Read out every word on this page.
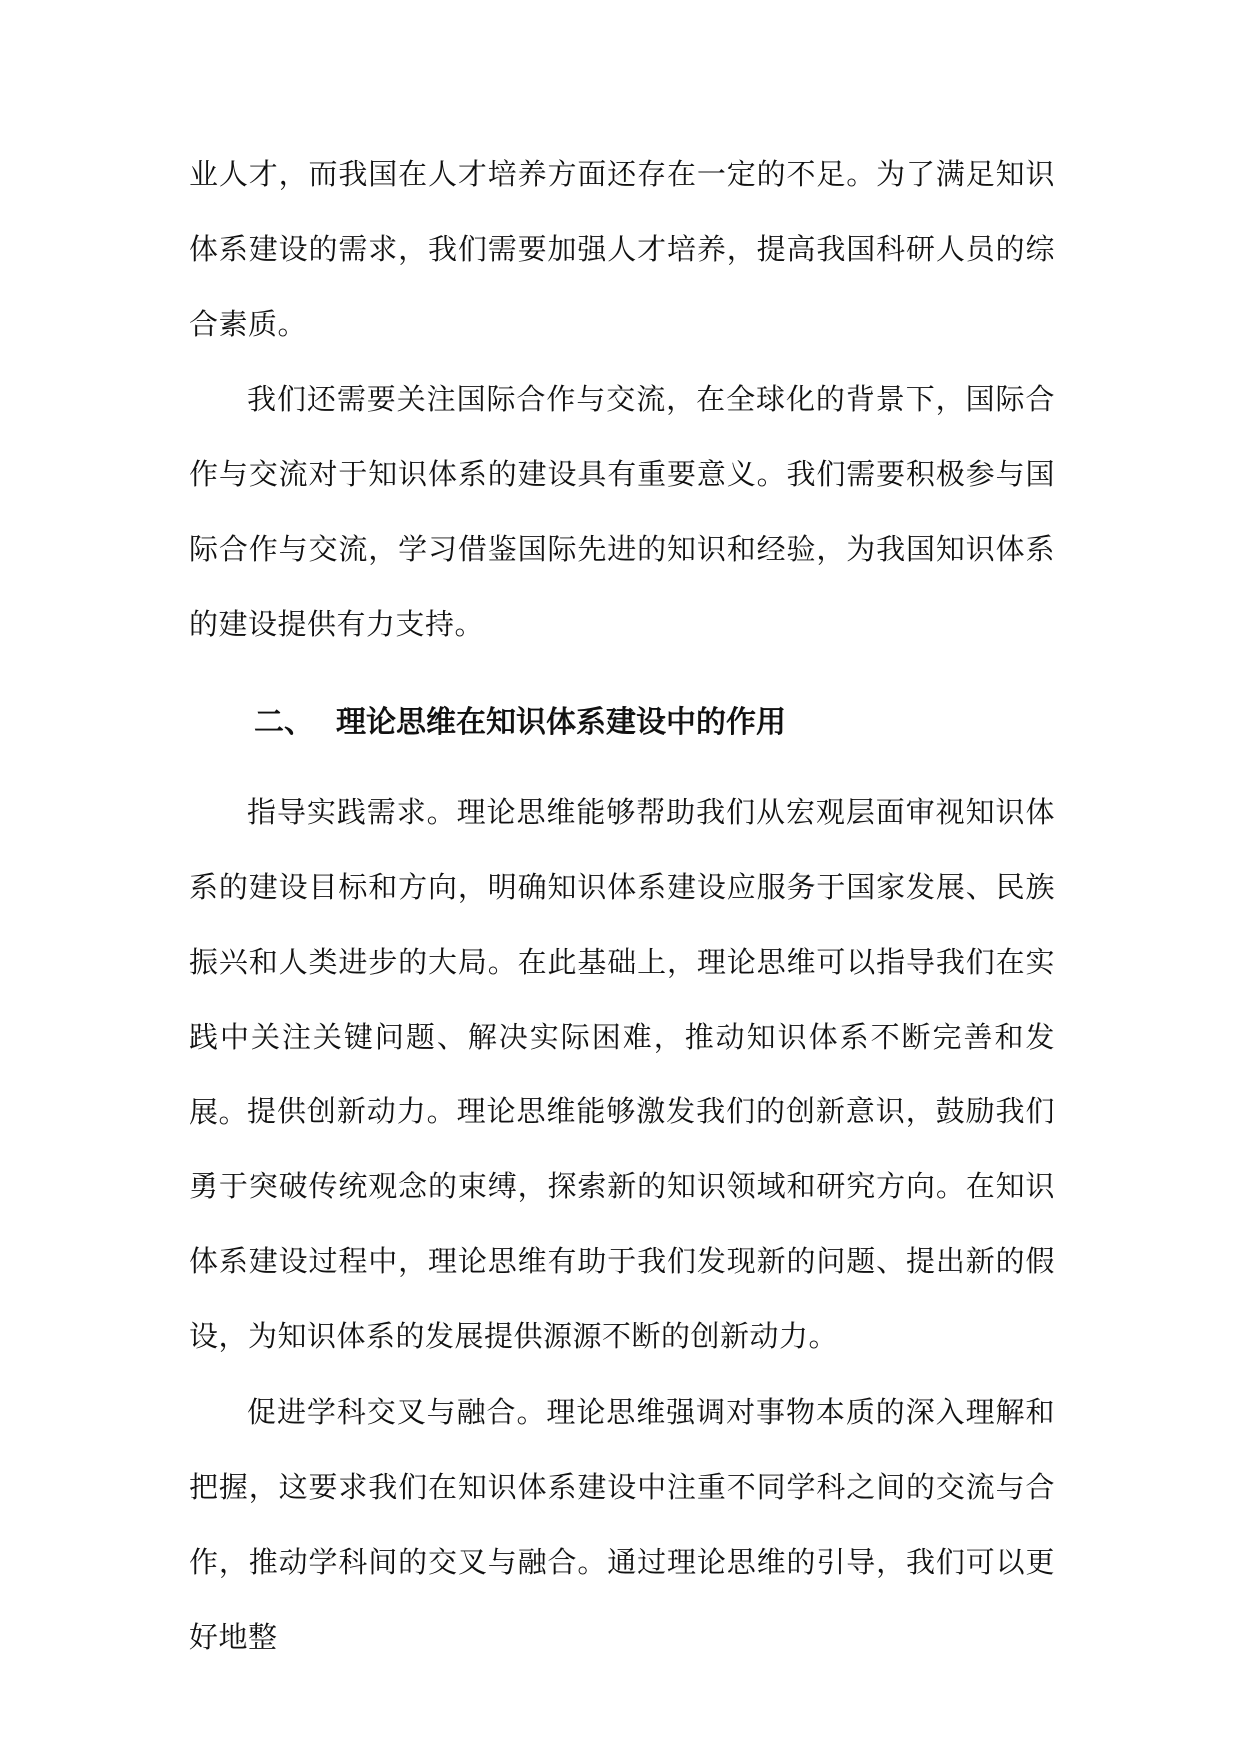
业人才，而我国在人才培养方面还存在一定的不足。为了满足知识体系建设的需求，我们需要加强人才培养，提高我国科研人员的综合素质。

我们还需要关注国际合作与交流，在全球化的背景下，国际合作与交流对于知识体系的建设具有重要意义。我们需要积极参与国际合作与交流，学习借鉴国际先进的知识和经验，为我国知识体系的建设提供有力支持。

二、 理论思维在知识体系建设中的作用

指导实践需求。理论思维能够帮助我们从宏观层面审视知识体系的建设目标和方向，明确知识体系建设应服务于国家发展、民族振兴和人类进步的大局。在此基础上，理论思维可以指导我们在实践中关注关键问题、解决实际困难，推动知识体系不断完善和发展。

提供创新动力。理论思维能够激发我们的创新意识，鼓励我们勇于突破传统观念的束缚，探索新的知识领域和研究方向。在知识体系建设过程中，理论思维有助于我们发现新的问题、提出新的假设，为知识体系的发展提供源源不断的创新动力。

促进学科交叉与融合。理论思维强调对事物本质的深入理解和把握，这要求我们在知识体系建设中注重不同学科之间的交流与合作，推动学科间的交叉与融合。通过理论思维的引导，我们可以更好地整
